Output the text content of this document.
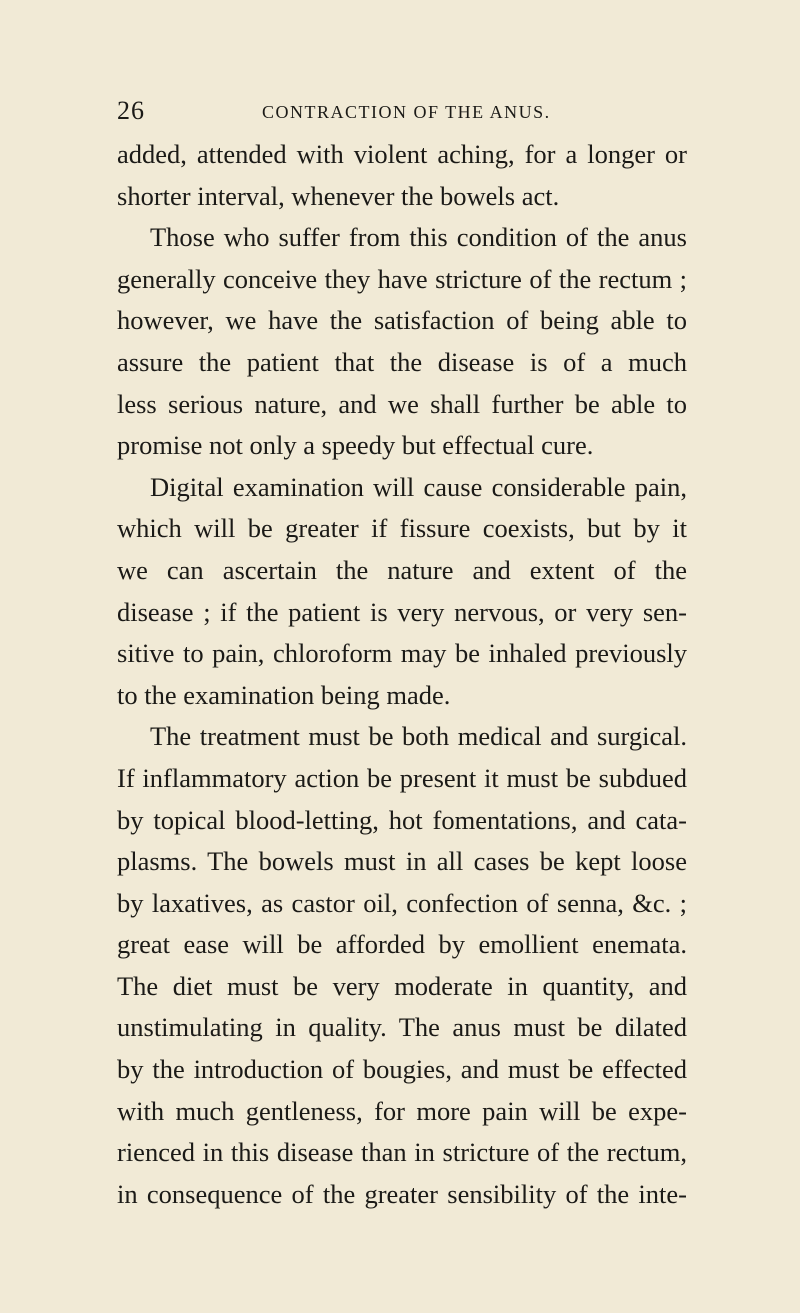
26	CONTRACTION OF THE ANUS.
added, attended with violent aching, for a longer or
shorter interval, whenever the bowels act.
Those who suffer from this condition of the anus
generally conceive they have stricture of the rectum ;
however, we have the satisfaction of being able to
assure the patient that the disease is of a much
less serious nature, and we shall further be able to
promise not only a speedy but effectual cure.
Digital examination will cause considerable pain,
which will be greater if fissure coexists, but by it
we can ascertain the nature and extent of the
disease ; if the patient is very nervous, or very sen-
sitive to pain, chloroform may be inhaled previously
to the examination being made.
The treatment must be both medical and surgical.
If inflammatory action be present it must be subdued
by topical blood-letting, hot fomentations, and cata-
plasms. The bowels must in all cases be kept loose
by laxatives, as castor oil, confection of senna, &c. ;
great ease will be afforded by emollient enemata.
The diet must be very moderate in quantity, and
unstimulating in quality. The anus must be dilated
by the introduction of bougies, and must be effected
with much gentleness, for more pain will be expe-
rienced in this disease than in stricture of the rectum,
in consequence of the greater sensibility of the inte-
